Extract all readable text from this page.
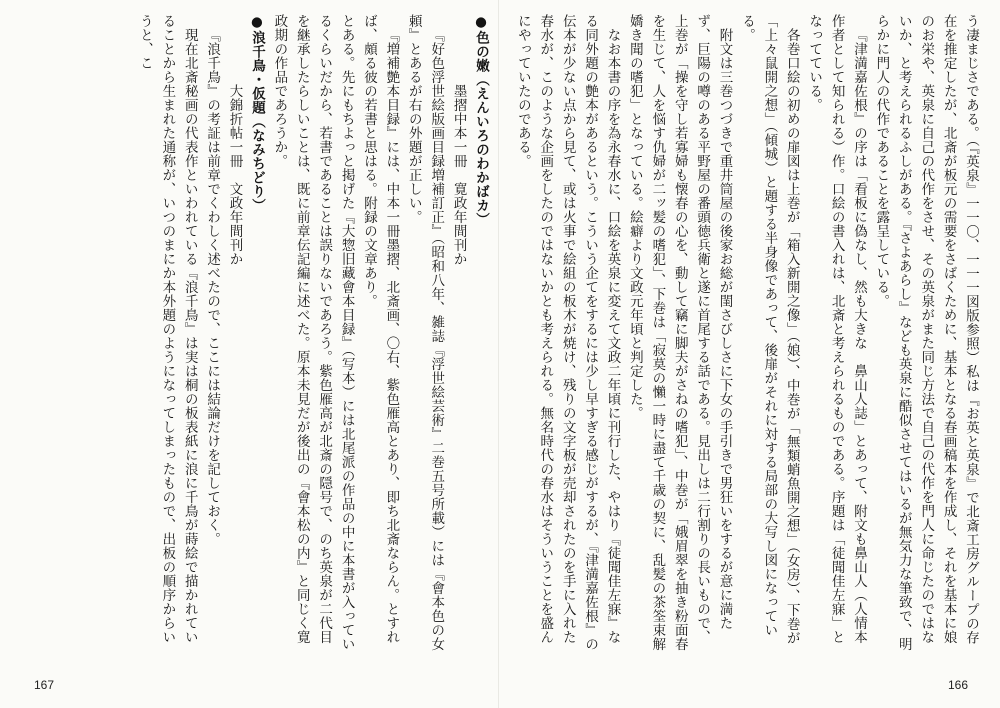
う凄まじさである。（『英泉』一一〇、一一一図版参照）私は『お英と英泉』で北斎工房グループの存在を推定したが、北斎が板元の需要をさばくために、基本となる春画稿本を作成し、それを基本に娘のお栄や、英泉に自己の代作をさせ、その英泉がまた同じ方法で自己の代作を門人に命じたのではないか、と考えられるふしがある。『さよあらし』なども英泉に酷似させてはいるが無気力な筆致で、明らかに門人の代作であることを露呈している。

『津満嘉佐根』の序は「看板に偽なし、然も大きな　鼻山人誌」とあって、附文も鼻山人（人情本作者として知られる）作。口絵の書入れは、北斎と考えられるものである。序題は「徒聞佳左寐」となってている。

各巻口絵の初めの扉図は上巻が「箱入新開之像」（娘）、中巻が「無類蛸魚開之想」（女房）、下巻が「上々鼠開之想」（傾城）と題する半身像であって、後扉がそれに対する局部の大写し図になっている。

附文は三巻つづきで重井筒屋の後家お総が閨さびしさに下女の手引きで男狂いをするが意に満たず、巨陽の噂のある平野屋の番頭徳兵衛と遂に首尾する話である。見出しは二行割りの長いもので、上巻が「操を守し若寡婦も懐春の心を、動して竊に脚夫がさねの嗜犯」、中巻が「娥眉翠を抽き粉面春を生じて、人を悩す仇婦が二ッ髪の嗜犯」、下巻は「寂莫の懶一時に盡て千歳の契に、乱髪の茶筌束解嬌き聞の嗜犯」となっている。絵癖より文政元年頃と判定した。

なお本書の序を為永春水に、口絵を英泉に変えて文政二年頃に刊行した、やはり『徒聞佳左寐』なる同外題の艶本があるという。こういう企てをするには少し早すぎる感じがするが、『津満嘉佐根』の伝本が少ない点から見て、或は火事で絵組の板木が焼け、残りの文字板が売却されたのを手に入れた春水が、このような企画をしたのではないかとも考えられる。無名時代の春水はそういうことを盛んにやっていたのである。

●色の嫩（えんいろのわかばカ）

墨摺中本一冊　寛政年間刊か

『好色浮世絵版画目録増補訂正』（昭和八年、雑誌『浮世絵芸術』二巻五号所載）には『會本色の女頼』とあるが右の外題が正しい。

『増補艶本目録』には、中本一冊墨摺、北斎画、〇右、紫色雁高とあり、即ち北斎ならん。とすれば、頗る彼の若書と思はる。附録の文章あり。

とある。先にもちよっと掲げた『大惣旧藏會本目録』（写本）には北尾派の作品の中に本書が入っているくらいだから、若書であることは誤りないであろう。紫色雁高が北斎の隠号で、のち英泉が二代目を継承したらしいことは、既に前章伝記編に述べた。原本未見だが後出の『會本松の内』と同じく寛政期の作品であろうか。

●浪千鳥・仮題（なみちどり）

大錦折帖一冊　文政年間刊か

『浪千鳥』の考証は前章でくわしく述べたので、ここには結論だけを記しておく。

現在北斎秘画の代表作といわれている『浪千鳥』は実は桐の板表紙に浪に千鳥が蒔絵で描かれていることから生まれた通称が、いつのまにか本外題のようになってしまったもので、出板の順序からいうと、こ

166
167
